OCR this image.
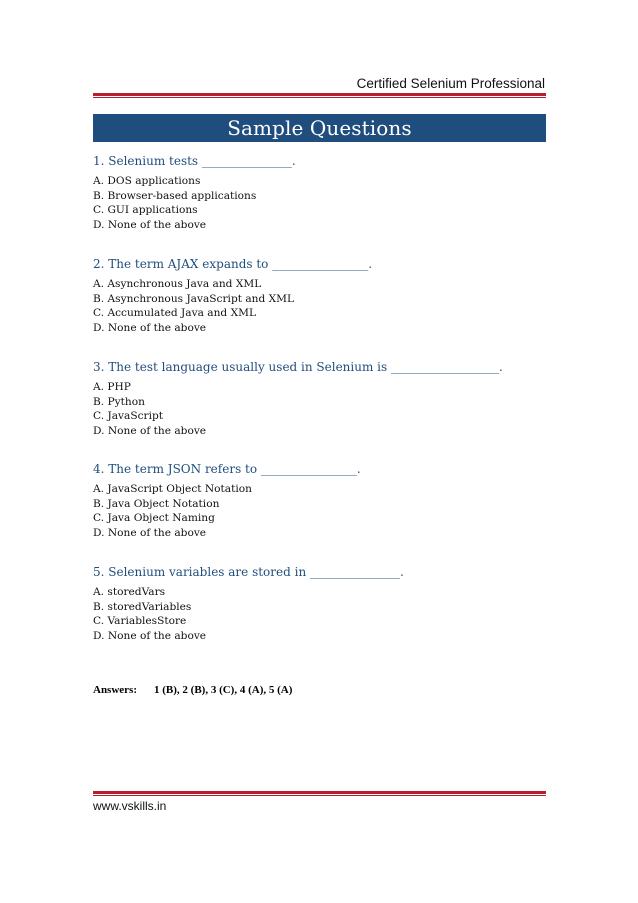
Certified Selenium Professional
Sample Questions
1. Selenium tests _______________.
A. DOS applications
B. Browser-based applications
C. GUI applications
D. None of the above
2. The term AJAX expands to ________________.
A. Asynchronous Java and XML
B. Asynchronous JavaScript and XML
C. Accumulated Java and XML
D. None of the above
3. The test language usually used in Selenium is __________________.
A. PHP
B. Python
C. JavaScript
D. None of the above
4. The term JSON refers to ________________.
A. JavaScript Object Notation
B. Java Object Notation
C. Java Object Naming
D. None of the above
5. Selenium variables are stored in _______________.
A. storedVars
B. storedVariables
C. VariablesStore
D. None of the above
Answers: 1 (B), 2 (B), 3 (C), 4 (A), 5 (A)
www.vskills.in
